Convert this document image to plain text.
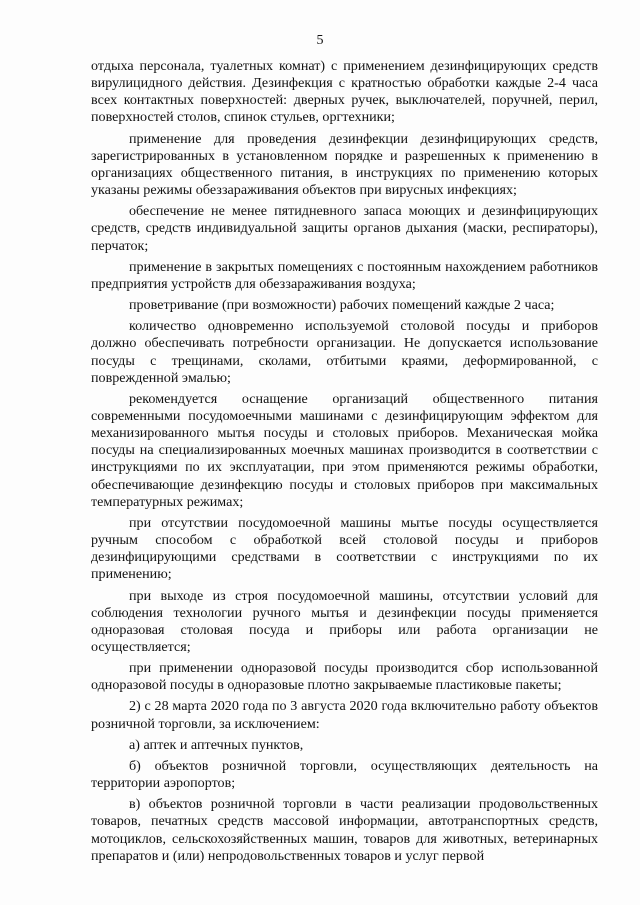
5

отдыха персонала, туалетных комнат) с применением дезинфицирующих средств вирулицидного действия. Дезинфекция с кратностью обработки каждые 2-4 часа всех контактных поверхностей: дверных ручек, выключателей, поручней, перил, поверхностей столов, спинок стульев, оргтехники;

применение для проведения дезинфекции дезинфицирующих средств, зарегистрированных в установленном порядке и разрешенных к применению в организациях общественного питания, в инструкциях по применению которых указаны режимы обеззараживания объектов при вирусных инфекциях;

обеспечение не менее пятидневного запаса моющих и дезинфицирующих средств, средств индивидуальной защиты органов дыхания (маски, респираторы), перчаток;

применение в закрытых помещениях с постоянным нахождением работников предприятия устройств для обеззараживания воздуха;

проветривание (при возможности) рабочих помещений каждые 2 часа;

количество одновременно используемой столовой посуды и приборов должно обеспечивать потребности организации. Не допускается использование посуды с трещинами, сколами, отбитыми краями, деформированной, с поврежденной эмалью;

рекомендуется оснащение организаций общественного питания современными посудомоечными машинами с дезинфицирующим эффектом для механизированного мытья посуды и столовых приборов. Механическая мойка посуды на специализированных моечных машинах производится в соответствии с инструкциями по их эксплуатации, при этом применяются режимы обработки, обеспечивающие дезинфекцию посуды и столовых приборов при максимальных температурных режимах;

при отсутствии посудомоечной машины мытье посуды осуществляется ручным способом с обработкой всей столовой посуды и приборов дезинфицирующими средствами в соответствии с инструкциями по их применению;

при выходе из строя посудомоечной машины, отсутствии условий для соблюдения технологии ручного мытья и дезинфекции посуды применяется одноразовая столовая посуда и приборы или работа организации не осуществляется;

при применении одноразовой посуды производится сбор использованной одноразовой посуды в одноразовые плотно закрываемые пластиковые пакеты;

2) с 28 марта 2020 года по 3 августа 2020 года включительно работу объектов розничной торговли, за исключением:

а) аптек и аптечных пунктов,

б) объектов розничной торговли, осуществляющих деятельность на территории аэропортов;

в) объектов розничной торговли в части реализации продовольственных товаров, печатных средств массовой информации, автотранспортных средств, мотоциклов, сельскохозяйственных машин, товаров для животных, ветеринарных препаратов и (или) непродовольственных товаров и услуг первой
